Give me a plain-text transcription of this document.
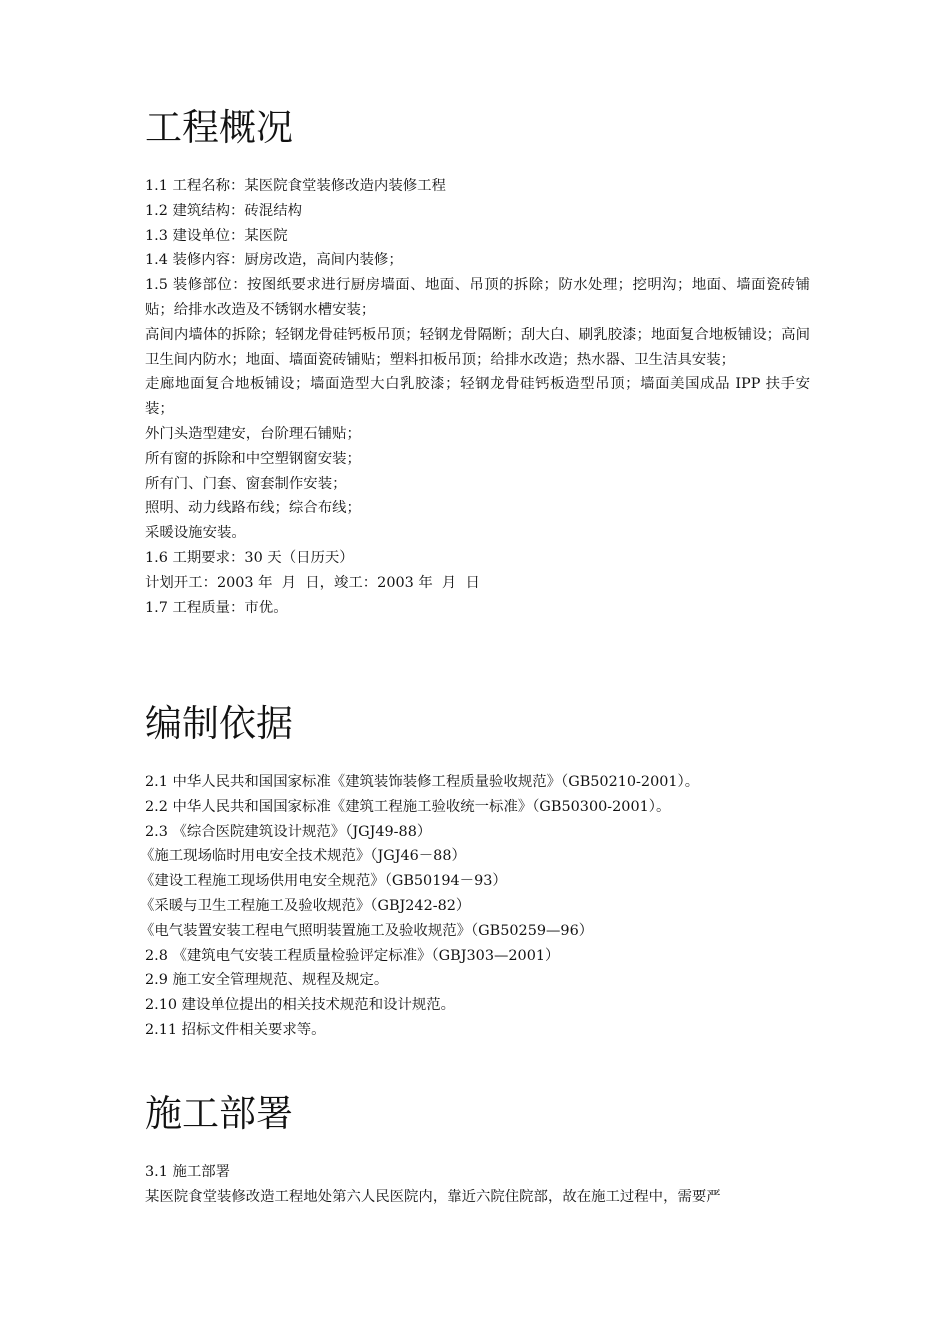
工程概况
1.1 工程名称：某医院食堂装修改造内装修工程
1.2 建筑结构：砖混结构
1.3 建设单位：某医院
1.4 装修内容：厨房改造，高间内装修；
1.5 装修部位：按图纸要求进行厨房墙面、地面、吊顶的拆除；防水处理；挖明沟；地面、墙面瓷砖铺贴；给排水改造及不锈钢水槽安装；
高间内墙体的拆除；轻钢龙骨硅钙板吊顶；轻钢龙骨隔断；刮大白、刷乳胶漆；地面复合地板铺设；高间卫生间内防水；地面、墙面瓷砖铺贴；塑料扣板吊顶；给排水改造；热水器、卫生洁具安装；
走廊地面复合地板铺设；墙面造型大白乳胶漆；轻钢龙骨硅钙板造型吊顶；墙面美国成品 IPP 扶手安装；
外门头造型建安，台阶理石铺贴；
所有窗的拆除和中空塑钢窗安装；
所有门、门套、窗套制作安装；
照明、动力线路布线；综合布线；
采暖设施安装。
1.6 工期要求：30 天（日历天）
计划开工：2003 年  月  日，竣工：2003 年  月  日
1.7 工程质量：市优。
编制依据
2.1 中华人民共和国国家标准《建筑装饰装修工程质量验收规范》（GB50210-2001）。
2.2 中华人民共和国国家标准《建筑工程施工验收统一标准》（GB50300-2001）。
2.3 《综合医院建筑设计规范》（JGJ49-88）
《施工现场临时用电安全技术规范》（JGJ46－88）
《建设工程施工现场供用电安全规范》（GB50194－93）
《采暖与卫生工程施工及验收规范》（GBJ242-82）
《电气装置安装工程电气照明装置施工及验收规范》（GB50259—96）
2.8 《建筑电气安装工程质量检验评定标准》（GBJ303—2001）
2.9 施工安全管理规范、规程及规定。
2.10 建设单位提出的相关技术规范和设计规范。
2.11 招标文件相关要求等。
施工部署
3.1 施工部署
某医院食堂装修改造工程地处第六人民医院内，靠近六院住院部，故在施工过程中，需要严
